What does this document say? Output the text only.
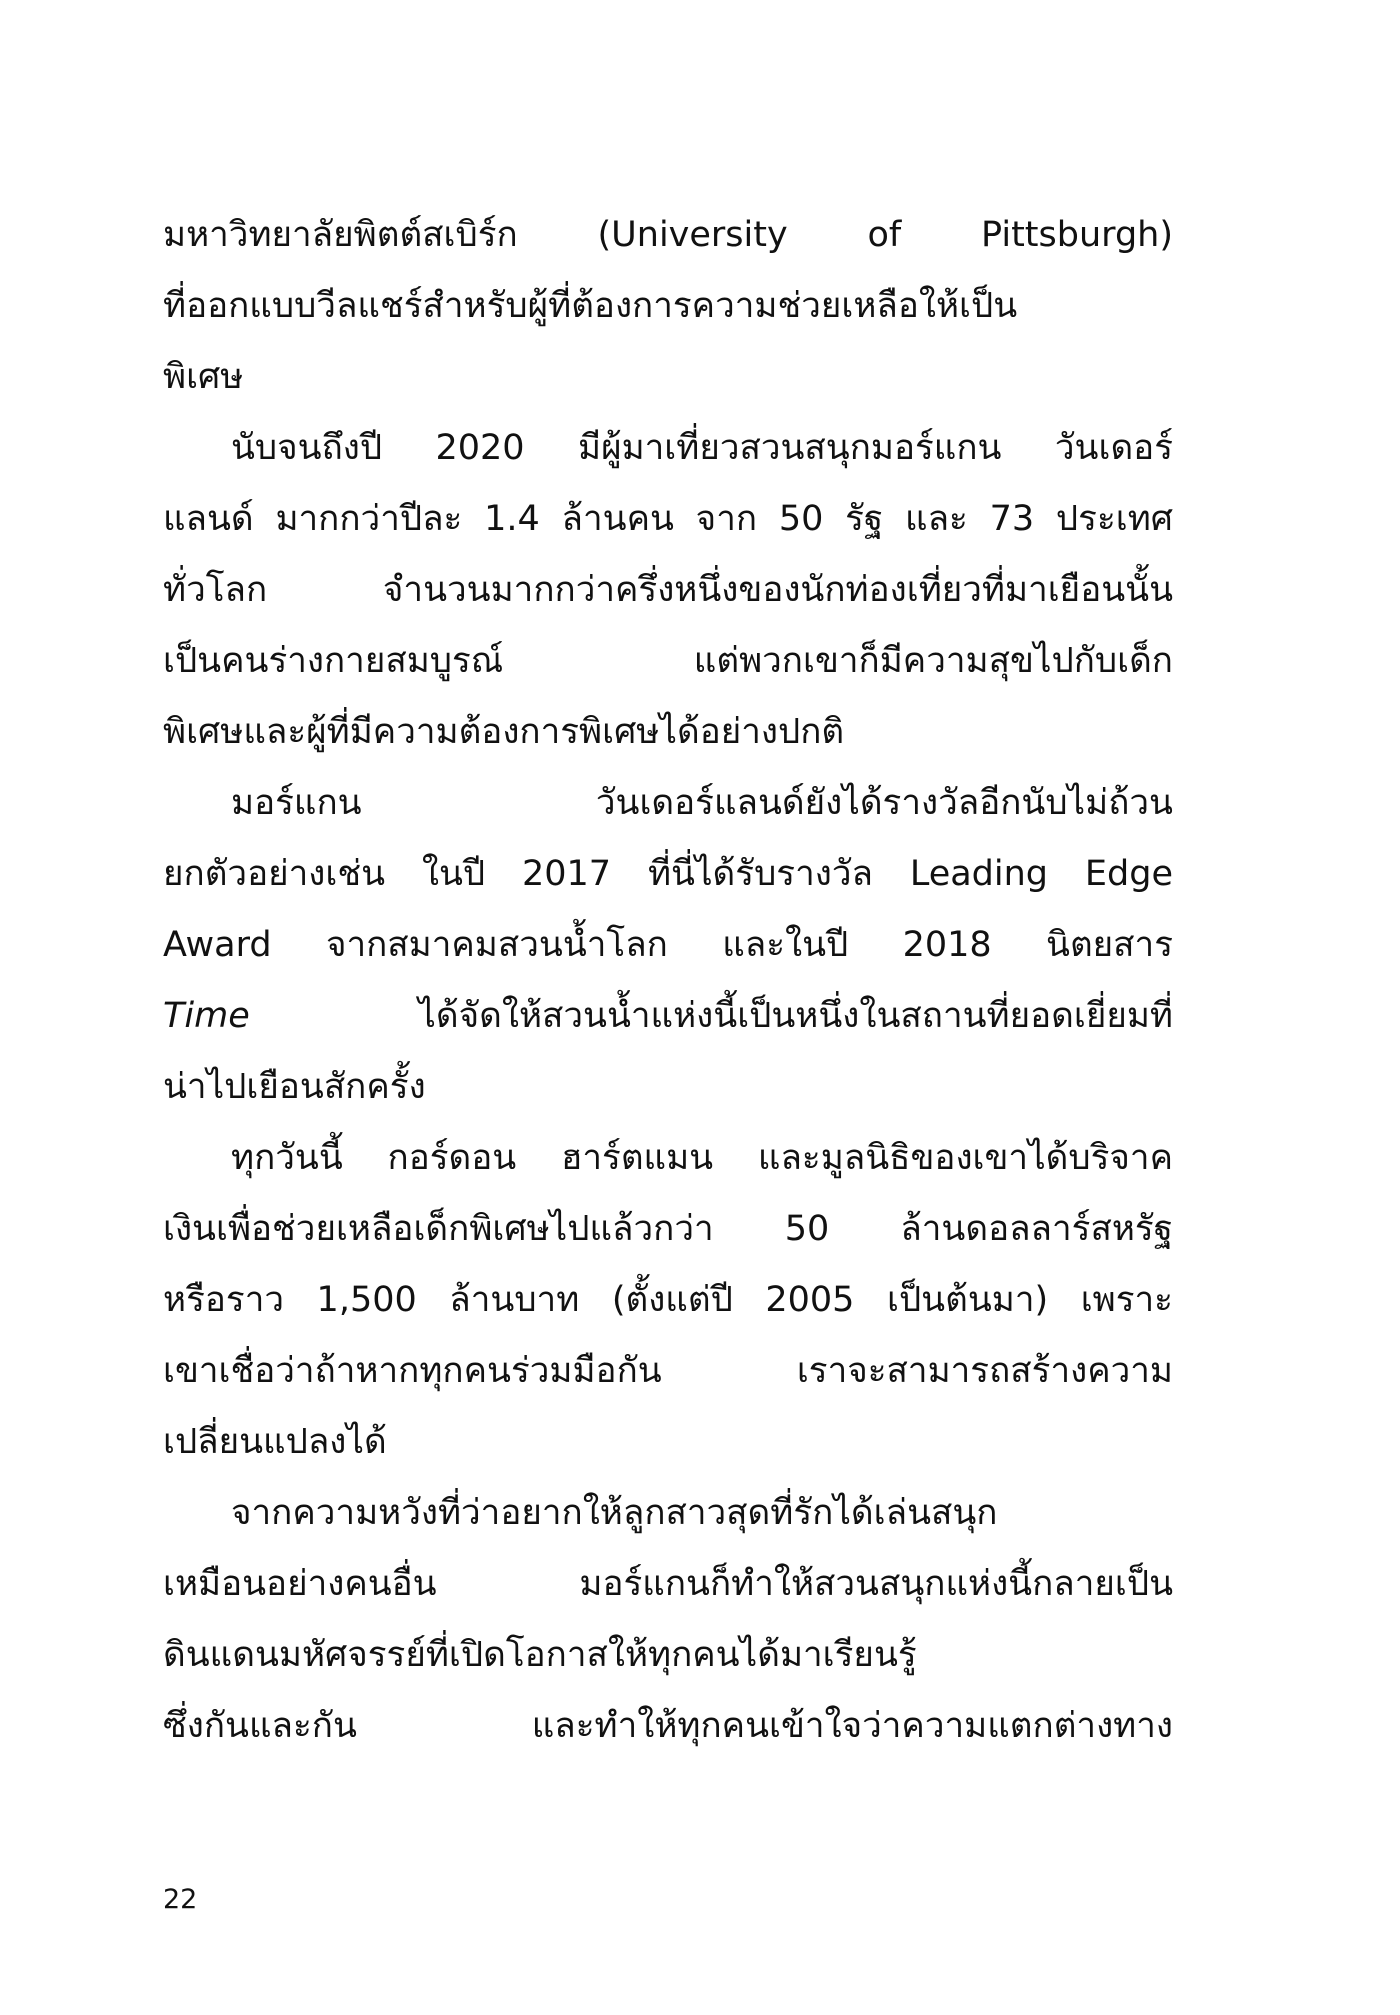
มหาวิทยาลัยพิตต์สเบิร์ก (University of Pittsburgh)
ที่ออกแบบวีลแชร์สำหรับผู้ที่ต้องการความช่วยเหลือให้เป็น
พิเศษ
นับจนถึงปี 2020 มีผู้มาเที่ยวสวนสนุกมอร์แกน วันเดอร์
แลนด์ มากกว่าปีละ 1.4 ล้านคน จาก 50 รัฐ และ 73 ประเทศ
ทั่วโลก จำนวนมากกว่าครึ่งหนึ่งของนักท่องเที่ยวที่มาเยือนนั้น
เป็นคนร่างกายสมบูรณ์ แต่พวกเขาก็มีความสุขไปกับเด็ก
พิเศษและผู้ที่มีความต้องการพิเศษได้อย่างปกติ
มอร์แกน วันเดอร์แลนด์ยังได้รางวัลอีกนับไม่ถ้วน
ยกตัวอย่างเช่น ในปี 2017 ที่นี่ได้รับรางวัล Leading Edge
Award จากสมาคมสวนน้ำโลก และในปี 2018 นิตยสาร
Time ได้จัดให้สวนน้ำแห่งนี้เป็นหนึ่งในสถานที่ยอดเยี่ยมที่
น่าไปเยือนสักครั้ง
ทุกวันนี้ กอร์ดอน ฮาร์ตแมน และมูลนิธิของเขาได้บริจาค
เงินเพื่อช่วยเหลือเด็กพิเศษไปแล้วกว่า 50 ล้านดอลลาร์สหรัฐ
หรือราว 1,500 ล้านบาท (ตั้งแต่ปี 2005 เป็นต้นมา) เพราะ
เขาเชื่อว่าถ้าหากทุกคนร่วมมือกัน เราจะสามารถสร้างความ
เปลี่ยนแปลงได้
จากความหวังที่ว่าอยากให้ลูกสาวสุดที่รักได้เล่นสนุก
เหมือนอย่างคนอื่น มอร์แกนก็ทำให้สวนสนุกแห่งนี้กลายเป็น
ดินแดนมหัศจรรย์ที่เปิดโอกาสให้ทุกคนได้มาเรียนรู้
ซึ่งกันและกัน และทำให้ทุกคนเข้าใจว่าความแตกต่างทาง
22
